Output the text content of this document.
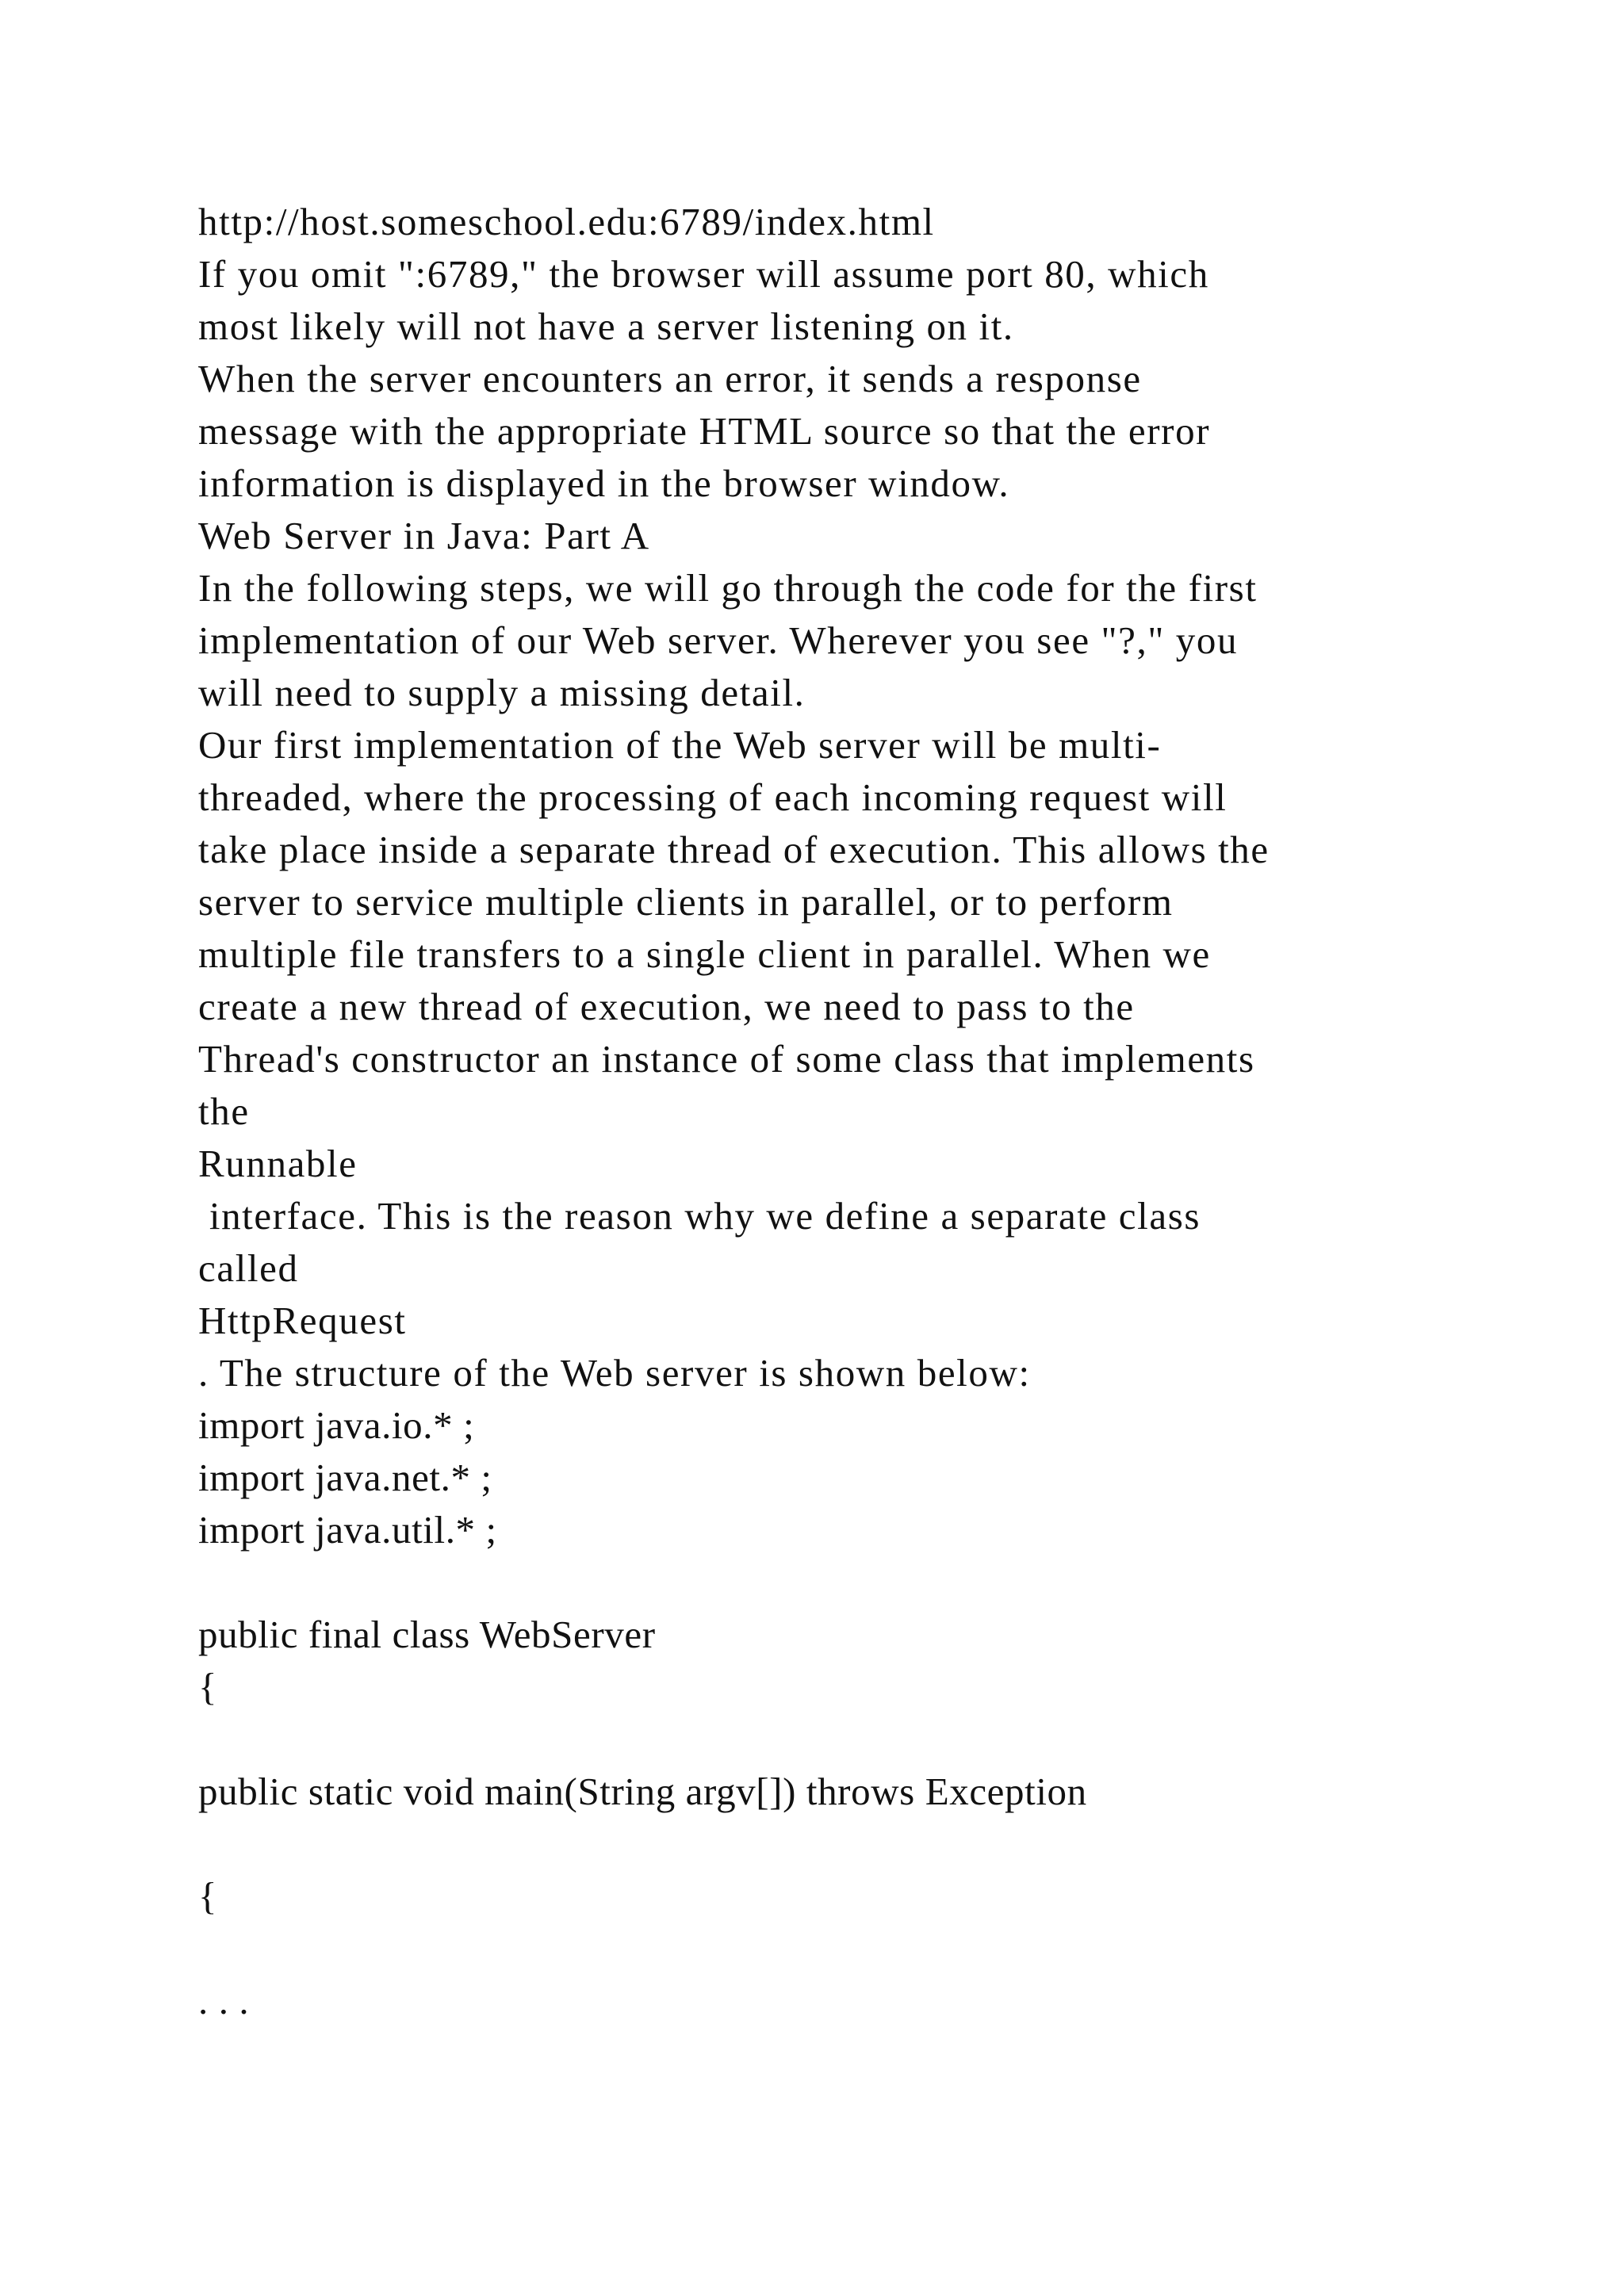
http://host.someschool.edu:6789/index.html
If you omit ":6789," the browser will assume port 80, which
most likely will not have a server listening on it.
When the server encounters an error, it sends a response
message with the appropriate HTML source so that the error
information is displayed in the browser window.
Web Server in Java: Part A
In the following steps, we will go through the code for the first
implementation of our Web server. Wherever you see "?," you
will need to supply a missing detail.
Our first implementation of the Web server will be multi-
threaded, where the processing of each incoming request will
take place inside a separate thread of execution. This allows the
server to service multiple clients in parallel, or to perform
multiple file transfers to a single client in parallel. When we
create a new thread of execution, we need to pass to the
Thread's constructor an instance of some class that implements
the
Runnable
interface. This is the reason why we define a separate class
called
HttpRequest
. The structure of the Web server is shown below:
import java.io.* ;
import java.net.* ;
import java.util.* ;
public final class WebServer
{
public static void main(String argv[]) throws Exception
{
. . .
